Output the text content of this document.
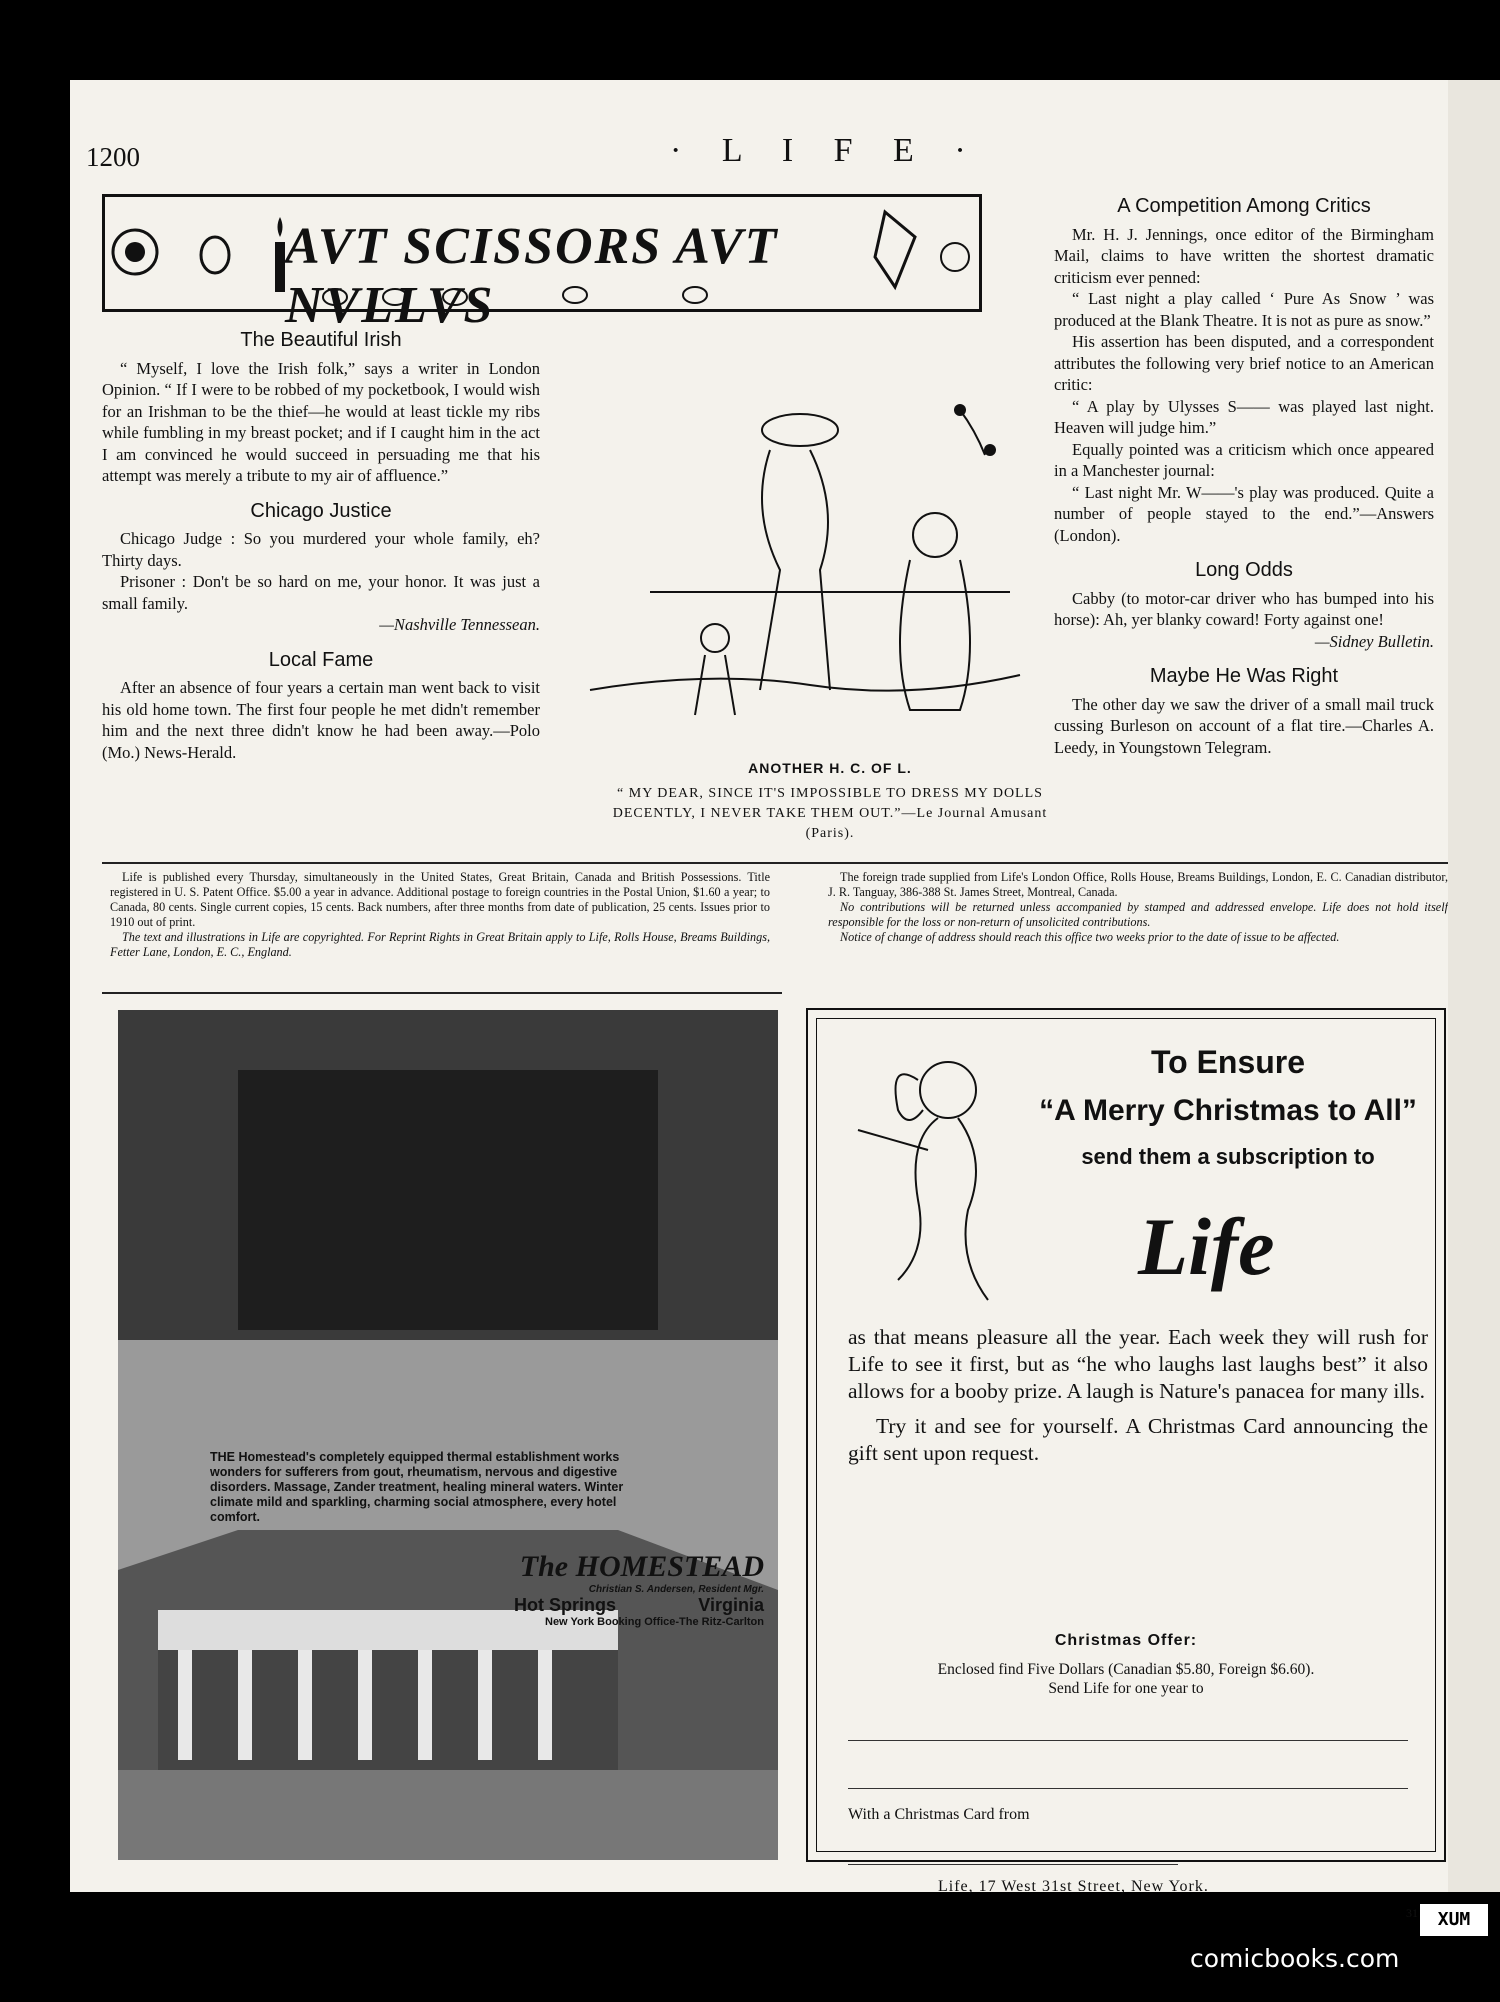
1200	· L I F E ·
AVT SCISSORS AVT NVLLVS
The Beautiful Irish

“ Myself, I love the Irish folk,” says a writer in London Opinion. “ If I were to be robbed of my pocketbook, I would wish for an Irishman to be the thief—he would at least tickle my ribs while fumbling in my breast pocket; and if I caught him in the act I am convinced he would succeed in persuading me that his attempt was merely a tribute to my air of affluence.”

Chicago Justice

Chicago Judge : So you murdered your whole family, eh? Thirty days.

Prisoner : Don't be so hard on me, your honor. It was just a small family.

—Nashville Tennessean.
Local Fame

After an absence of four years a certain man went back to visit his old home town. The first four people he met didn't remember him and the next three didn't know he had been away.—Polo (Mo.) News-Herald.

ANOTHER H. C. OF L.
“ MY DEAR, SINCE IT'S IMPOSSIBLE TO DRESS MY DOLLS DECENTLY, I NEVER TAKE THEM OUT.”—Le Journal Amusant (Paris).
A Competition Among Critics

Mr. H. J. Jennings, once editor of the Birmingham Mail, claims to have written the shortest dramatic criticism ever penned:

“ Last night a play called ‘ Pure As Snow ’ was produced at the Blank Theatre. It is not as pure as snow.”

His assertion has been disputed, and a correspondent attributes the following very brief notice to an American critic:

“ A play by Ulysses S—— was played last night. Heaven will judge him.”

Equally pointed was a criticism which once appeared in a Manchester journal:

“ Last night Mr. W——'s play was produced. Quite a number of people stayed to the end.”—Answers (London).

Long Odds

Cabby (to motor-car driver who has bumped into his horse): Ah, yer blanky coward! Forty against one!

—Sidney Bulletin.
Maybe He Was Right

The other day we saw the driver of a small mail truck cussing Burleson on account of a flat tire.—Charles A. Leedy, in Youngstown Telegram.

Life is published every Thursday, simultaneously in the United States, Great Britain, Canada and British Possessions. Title registered in U. S. Patent Office. $5.00 a year in advance. Additional postage to foreign countries in the Postal Union, $1.60 a year; to Canada, 80 cents. Single current copies, 15 cents. Back numbers, after three months from date of publication, 25 cents. Issues prior to 1910 out of print.

The text and illustrations in Life are copyrighted. For Reprint Rights in Great Britain apply to Life, Rolls House, Breams Buildings, Fetter Lane, London, E. C., England.

The foreign trade supplied from Life's London Office, Rolls House, Breams Buildings, London, E. C. Canadian distributor, J. R. Tanguay, 386-388 St. James Street, Montreal, Canada.

No contributions will be returned unless accompanied by stamped and addressed envelope. Life does not hold itself responsible for the loss or non-return of unsolicited contributions.

Notice of change of address should reach this office two weeks prior to the date of issue to be affected.

THE Homestead's completely equipped thermal establishment works wonders for sufferers from gout, rheumatism, nervous and digestive disorders. Massage, Zander treatment, healing mineral waters. Winter climate mild and sparkling, charming social atmosphere, every hotel comfort.
The HOMESTEAD
Christian S. Andersen, Resident Mgr.
Hot Springs	Virginia
New York Booking Office-The Ritz-Carlton
To Ensure
“A Merry Christmas to All”
send them a subscription to
Life

as that means pleasure all the year. Each week they will rush for Life to see it first, but as “he who laughs last laughs best” it also allows for a booby prize. A laugh is Nature's panacea for many ills.

Try it and see for yourself. A Christmas Card announcing the gift sent upon request.

Christmas Offer:
Enclosed find Five Dollars (Canadian $5.80, Foreign $6.60).
Send Life for one year to
With a Christmas Card from
Life, 17 West 31st Street, New York.
31	XUM
comicbooks.com
